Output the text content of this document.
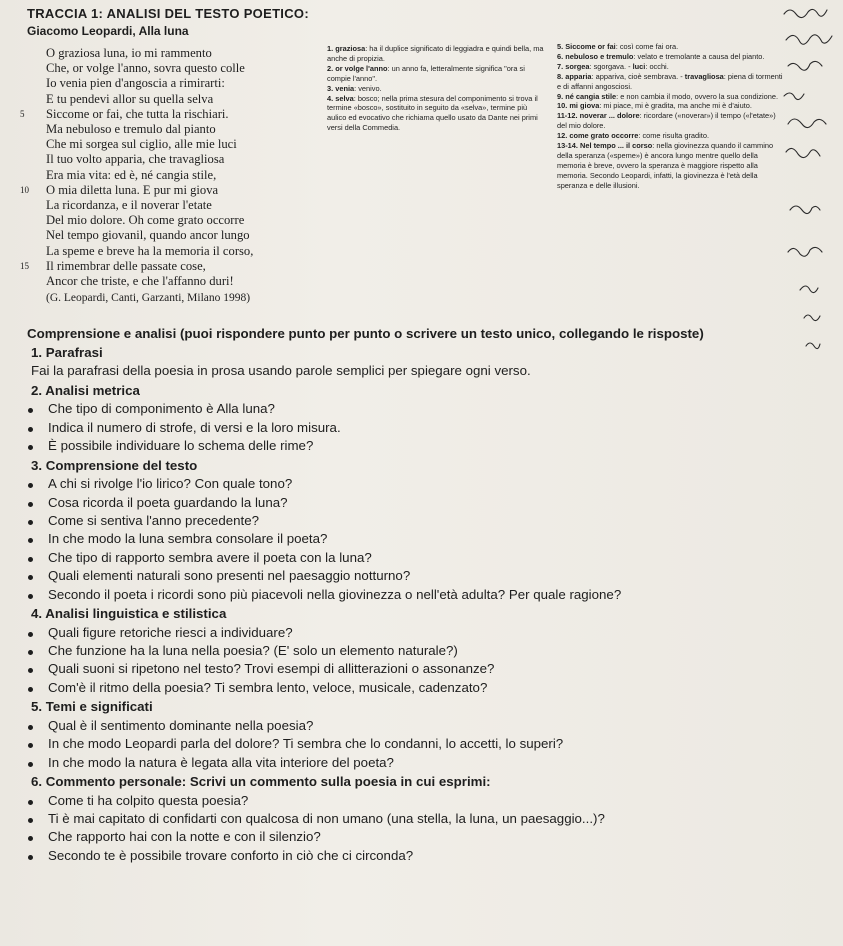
TRACCIA 1: ANALISI DEL TESTO POETICO:
Giacomo Leopardi, Alla luna
O graziosa luna, io mi rammento
Che, or volge l'anno, sovra questo colle
Io venia pien d'angoscia a rimirarti:
E tu pendevi allor su quella selva
5 Siccome or fai, che tutta la rischiari.
Ma nebuloso e tremulo dal pianto
Che mi sorgea sul ciglio, alle mie luci
Il tuo volto apparia, che travagliosa
Era mia vita: ed è, né cangia stile,
10 O mia diletta luna. E pur mi giova
La ricordanza, e il noverar l'etate
Del mio dolore. Oh come grato occorre
Nel tempo giovanil, quando ancor lungo
La speme e breve ha la memoria il corso,
15 Il rimembrar delle passate cose,
Ancor che triste, e che l'affanno duri!
(G. Leopardi, Canti, Garzanti, Milano 1998)
1. graziosa: ha il duplice significato di leggiadra e quindi bella, ma anche di propizia.
2. or volge l'anno: un anno fa, letteralmente significa "ora si compie l'anno".
3. venia: venivo.
4. selva: bosco; nella prima stesura del componimento si trova il termine «bosco», sostituito in seguito da «selva», termine più aulico ed evocativo che richiama quello usato da Dante nei primi versi della Commedia.

5. Siccome or fai: così come fai ora.
6. nebuloso e tremulo: velato e tremolante a causa del pianto.
7. sorgea: sgorgava. - luci: occhi.
8. apparia: appariva, cioè sembrava. - travagliosa: piena di tormenti e di affanni angosciosi.
9. né cangia stile: e non cambia il modo, ovvero la sua condizione.
10. mi giova: mi piace, mi è gradita, ma anche mi è d'aiuto.
11-12. noverar ... dolore: ricordare («noverar») il tempo («l'etate») del mio dolore.
12. come grato occorre: come risulta gradito.
13-14. Nel tempo ... il corso: nella giovinezza quando il cammino della speranza («speme») è ancora lungo mentre quello della memoria è breve, ovvero la speranza è maggiore rispetto alla memoria. Secondo Leopardi, infatti, la giovinezza è l'età della speranza e delle illusioni.

Comprensione e analisi (puoi rispondere punto per punto o scrivere un testo unico, collegando le risposte)
1. Parafrasi
Fai la parafrasi della poesia in prosa usando parole semplici per spiegare ogni verso.
2. Analisi metrica
Che tipo di componimento è Alla luna?
Indica il numero di strofe, di versi e la loro misura.
È possibile individuare lo schema delle rime?
3. Comprensione del testo
A chi si rivolge l'io lirico? Con quale tono?
Cosa ricorda il poeta guardando la luna?
Come si sentiva l'anno precedente?
In che modo la luna sembra consolare il poeta?
Che tipo di rapporto sembra avere il poeta con la luna?
Quali elementi naturali sono presenti nel paesaggio notturno?
Secondo il poeta i ricordi sono più piacevoli nella giovinezza o nell'età adulta? Per quale ragione?
4. Analisi linguistica e stilistica
Quali figure retoriche riesci a individuare?
Che funzione ha la luna nella poesia? (E' solo un elemento naturale?)
Quali suoni si ripetono nel testo? Trovi esempi di allitterazioni o assonanze?
Com'è il ritmo della poesia? Ti sembra lento, veloce, musicale, cadenzato?
5. Temi e significati
Qual è il sentimento dominante nella poesia?
In che modo Leopardi parla del dolore? Ti sembra che lo condanni, lo accetti, lo superi?
In che modo la natura è legata alla vita interiore del poeta?
6. Commento personale: Scrivi un commento sulla poesia in cui esprimi:
Come ti ha colpito questa poesia?
Ti è mai capitato di confidarti con qualcosa di non umano (una stella, la luna, un paesaggio...)?
Che rapporto hai con la notte e con il silenzio?
Secondo te è possibile trovare conforto in ciò che ci circonda?
